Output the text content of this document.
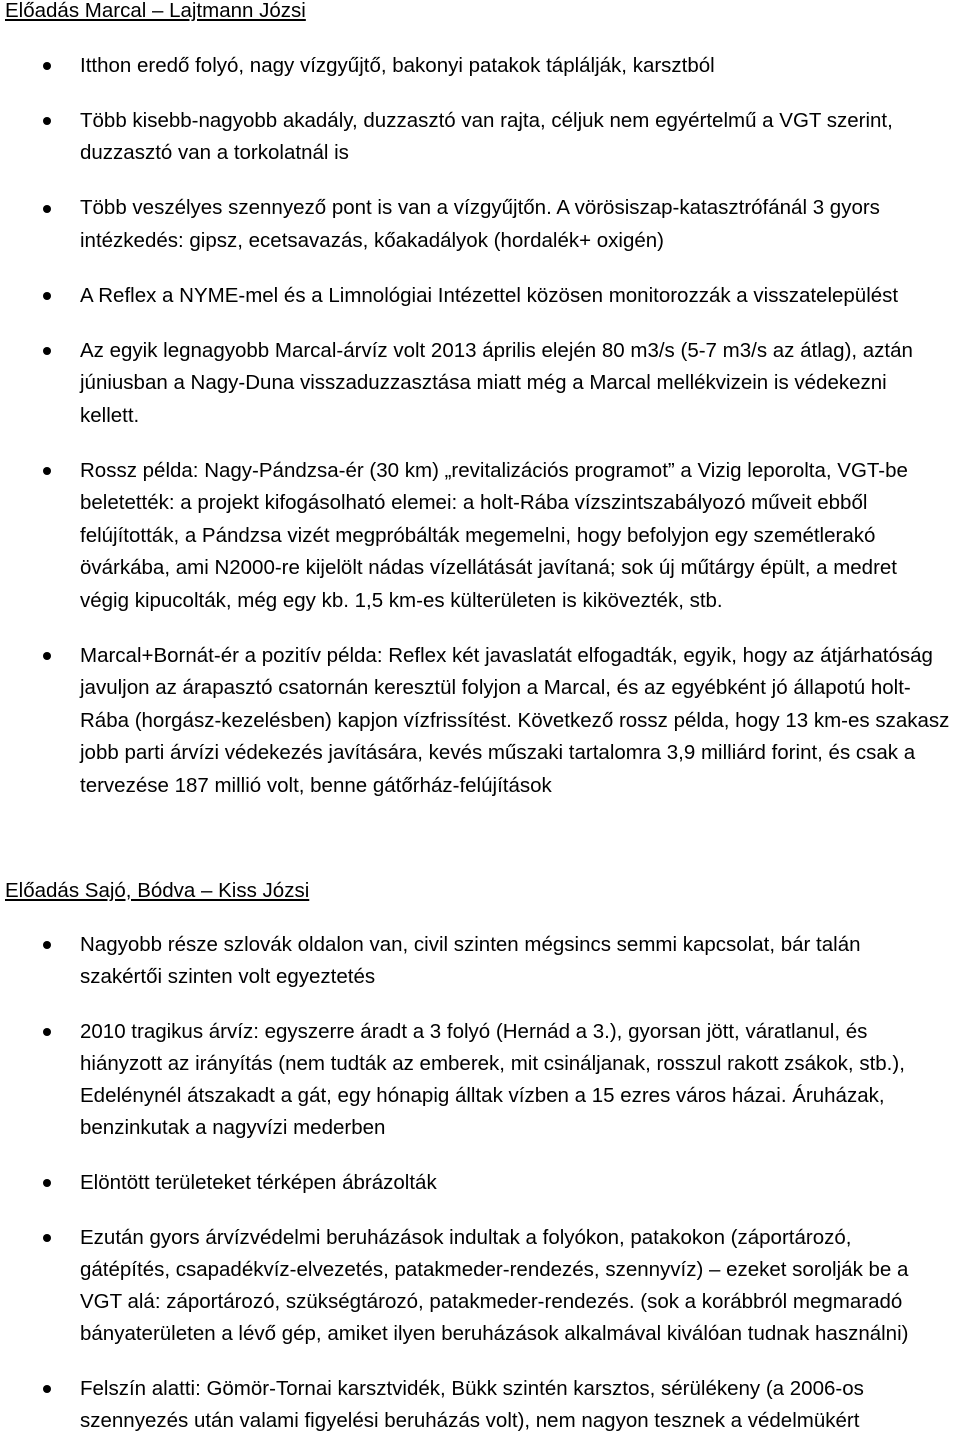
Előadás Marcal – Lajtmann Józsi
Itthon eredő folyó, nagy vízgyűjtő, bakonyi patakok táplálják, karsztból
Több kisebb-nagyobb akadály, duzzasztó van rajta, céljuk nem egyértelmű a VGT szerint,
duzzasztó van a torkolatnál is
Több veszélyes szennyező pont is van a vízgyűjtőn. A vörösiszap-katasztrófánál 3 gyors
intézkedés: gipsz, ecetsavazás, kőakadályok (hordalék+ oxigén)
A Reflex a NYME-mel és a Limnológiai Intézettel közösen monitorozzák a visszatelepülést
Az egyik legnagyobb Marcal-árvíz volt 2013 április elején 80 m3/s (5-7 m3/s az átlag), aztán
júniusban a Nagy-Duna visszaduzzasztása miatt még a Marcal mellékvizein is védekezni
kellett.
Rossz példa: Nagy-Pándzsa-ér (30 km) „revitalizációs programot” a Vizig leporolta, VGT-be
beletették: a projekt kifogásolható elemei: a holt-Rába vízszintszabályozó műveit ebből
felújították, a Pándzsa vizét megpróbálták megemelni, hogy befolyjon egy szemétlerakó
övárkába, ami N2000-re kijelölt nádas vízellátását javítaná; sok új műtárgy épült, a medret
végig kipucolták, még egy kb. 1,5 km-es külterületen is kikövezték, stb.
Marcal+Bornát-ér a pozitív példa: Reflex két javaslatát elfogadták, egyik, hogy az átjárhatóság
javuljon az árapasztó csatornán keresztül folyjon a Marcal, és az egyébként jó állapotú holt-
Rába (horgász-kezelésben) kapjon vízfrissítést. Következő rossz példa, hogy 13 km-es szakasz
jobb parti árvízi védekezés javítására, kevés műszaki tartalomra 3,9 milliárd forint, és csak a
tervezése 187 millió volt, benne gátőrház-felújítások
Előadás Sajó, Bódva – Kiss Józsi
Nagyobb része szlovák oldalon van, civil szinten mégsincs semmi kapcsolat, bár talán
szakértői szinten volt egyeztetés
2010 tragikus árvíz: egyszerre áradt a 3 folyó (Hernád a 3.), gyorsan jött, váratlanul, és
hiányzott az irányítás (nem tudták az emberek, mit csináljanak, rosszul rakott zsákok, stb.),
Edelénynél átszakadt a gát, egy hónapig álltak vízben a 15 ezres város házai. Áruházak,
benzinkutak a nagyvízi mederben
Elöntött területeket térképen ábrázolták
Ezután gyors árvízvédelmi beruházások indultak a folyókon, patakokon (záportározó,
gátépítés, csapadékvíz-elvezetés, patakmeder-rendezés, szennyvíz) – ezeket sorolják be a
VGT alá: záportározó, szükségtározó, patakmeder-rendezés. (sok a korábbról megmaradó
bányaterületen a lévő gép, amiket ilyen beruházások alkalmával kiválóan tudnak használni)
Felszín alatti: Gömör-Tornai karsztvidék, Bükk szintén karsztos, sérülékeny (a 2006-os
szennyezés után valami figyelési beruházás volt), nem nagyon tesznek a védelmükért
